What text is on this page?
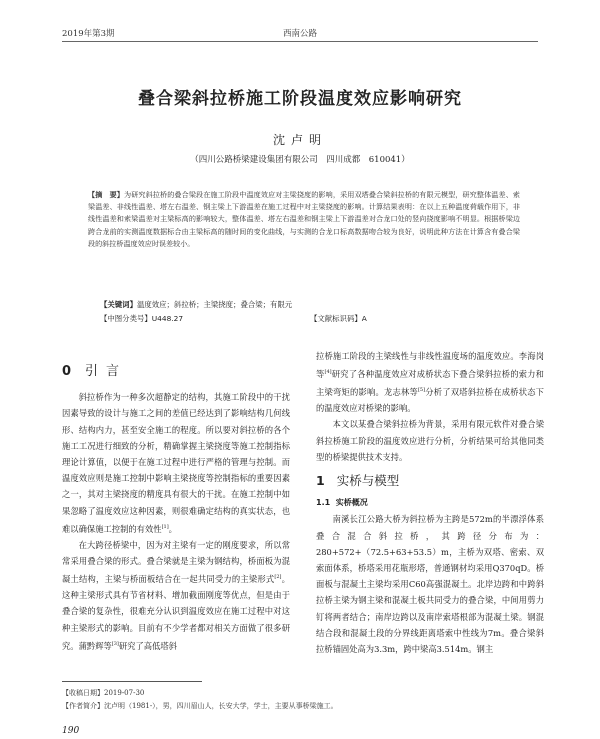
2019年第3期	西南公路
叠合梁斜拉桥施工阶段温度效应影响研究
沈卢明
（四川公路桥梁建设集团有限公司　四川成都　610041）
【摘　要】为研究斜拉桥的叠合梁段在施工阶段中温度效应对主梁挠度的影响，采用双塔叠合梁斜拉桥的有限元模型，研究整体温差、索梁温差、非线性温差、塔左右温差、钢主梁上下游温差在施工过程中对主梁挠度的影响。计算结果表明：在以上五种温度荷载作用下，非线性温差和索梁温差对主梁标高的影响较大，整体温差、塔左右温差和钢主梁上下游温差对合龙口处的竖向挠度影响不明显。根据桥梁边跨合龙前的实测温度数据标合由主梁标高的随时间的变化曲线，与实测的合龙口标高数据吻合较为良好，说明此种方法在计算含有叠合梁段的斜拉桥温度效应时误差较小。
【关键词】温度效应；斜拉桥；主梁挠度；叠合梁；有限元
【中图分类号】U448.27	【文献标识码】A
0 引言

斜拉桥作为一种多次超静定的结构，其施工阶段中的干扰因素导致的设计与施工之间的差值已经达到了影响结构几何线形、结构内力，甚至安全施工的程度。所以要对斜拉桥的各个施工工况进行细致的分析，精确掌握主梁挠度等施工控制指标理论计算值，以便于在施工过程中进行严格的管理与控制。而温度效应则是施工控制中影响主梁挠度等控制指标的重要因素之一，其对主梁挠度的精度具有很大的干扰。在施工控制中如果忽略了温度效应这种因素，则很难确定结构的真实状态，也难以确保施工控制的有效性[1]。

在大跨径桥梁中，因为对主梁有一定的刚度要求，所以常常采用叠合梁的形式。叠合梁就是主梁为钢结构，桥面板为混凝土结构，主梁与桥面板结合在一起共同受力的主梁形式[2]。这种主梁形式具有节省材料、增加截面刚度等优点，但是由于叠合梁的复杂性，很难充分认识到温度效应在施工过程中对这种主梁形式的影响。目前有不少学者都对相关方面做了很多研究。蒲黔辉等[3]研究了高低塔斜

拉桥施工阶段的主梁线性与非线性温度场的温度效应。李海岗等[4]研究了各种温度效应对成桥状态下叠合梁斜拉桥的索力和主梁弯矩的影响。龙志林等[5]分析了双塔斜拉桥在成桥状态下的温度效应对桥梁的影响。

本文以某叠合梁斜拉桥为背景，采用有限元软件对叠合梁斜拉桥施工阶段的温度效应进行分析，分析结果可给其他同类型的桥梁提供技术支持。

1 实桥与模型
1.1 实桥概况

南溪长江公路大桥为斜拉桥为主跨是572m的半漂浮体系叠合混合斜拉桥，其跨径分布为：280+572+（72.5+63+53.5）m，主桥为双塔、密索、双索面体系，桥塔采用花瓶形塔，普通钢材均采用Q370qD。桥面板与混凝土主梁均采用C60高强混凝土。北岸边跨和中跨斜拉桥主梁为钢主梁和混凝土板共同受力的叠合梁，中间用剪力钉将两者结合；南岸边跨以及南岸索塔根部为混凝土梁。钢混结合段和混凝土段的分界线距离塔索中性线为7m。叠合梁斜拉桥锚固处高为3.3m，跨中梁高3.514m。钢主

【收稿日期】2019-07-30
【作者简介】沈卢明（1981-），男，四川眉山人，长安大学，学士，主要从事桥梁施工。
190
